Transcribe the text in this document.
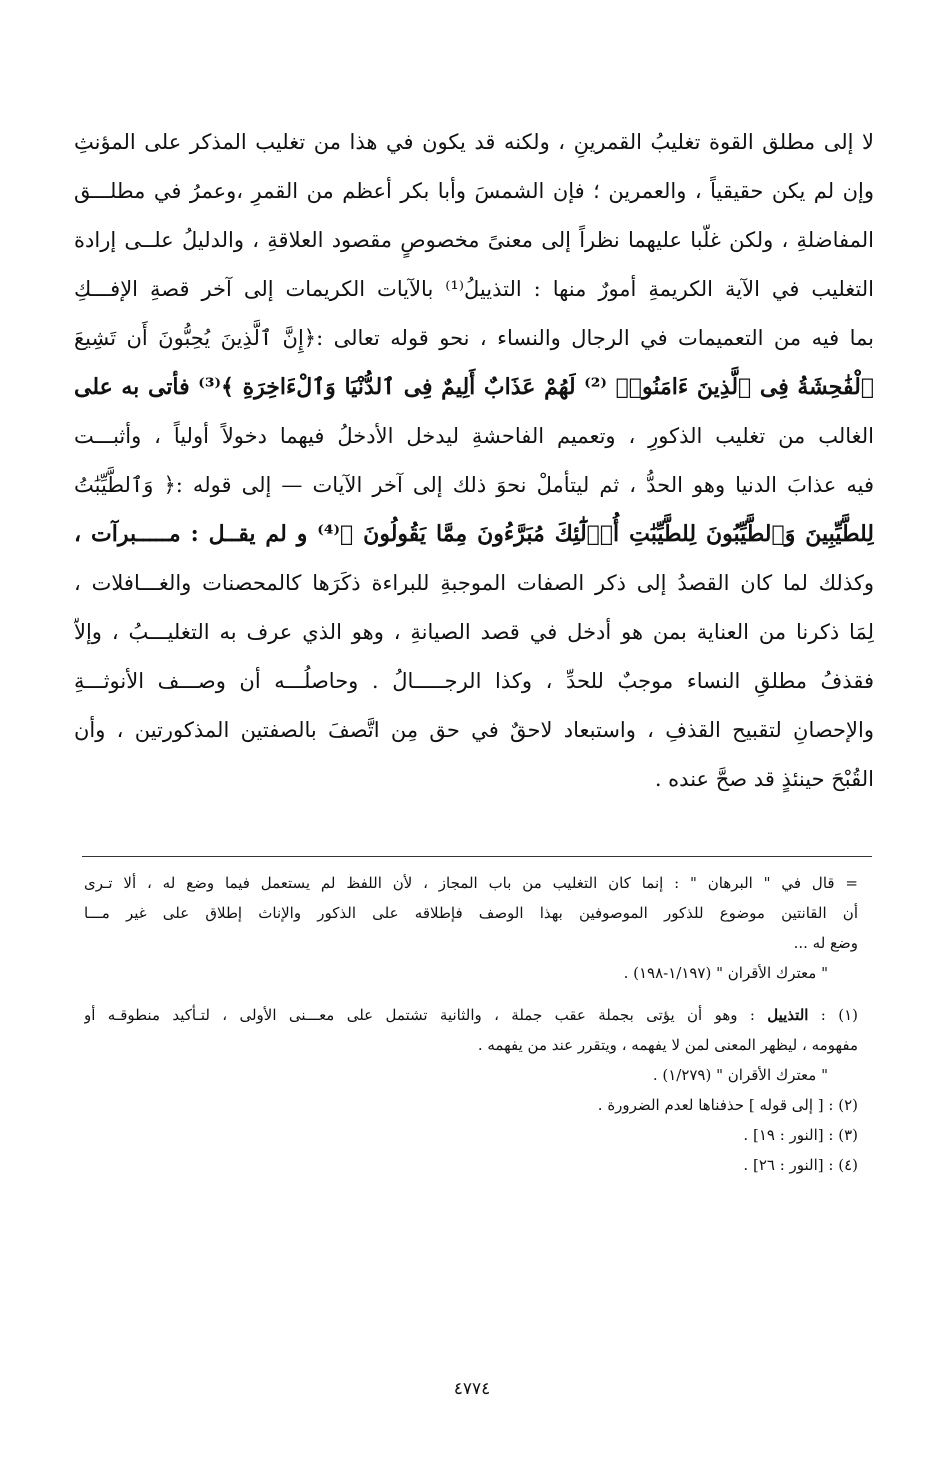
لا إلى مطلق القوة تغليبُ القمرينِ ، ولكنه قد يكون في هذا من تغليب المذكر على المؤنثِ
وإن لم يكن حقيقياً ، والعمرين ؛ فإن الشمسَ وأبا بكر أعظم من القمرِ ،وعمرُ في مطلـــق
المفاضلةِ ، ولكن غلّبا عليهما نظراً إلى معنىً مخصوصٍ مقصود العلاقةِ ، والدليلُ علــى إرادة
التغليب في الآية الكريمةِ أمورٌ منها : التذييلُ⁽¹⁾ بالآيات الكريمات إلى آخر قصةِ الإفـــكِ
بما فيه من التعميمات في الرجال والنساء ، نحو قوله تعالى :﴿إِنَّ ٱلَّذِينَ يُحِبُّونَ أَن تَشِيعَ
ٱلْفَٰحِشَةُ فِى ٱلَّذِينَ ءَامَنُوا۟ ⁽²⁾ لَهُمْ عَذَابٌ أَلِيمٌ فِى ٱلدُّنْيَا وَٱلْءَاخِرَةِ ﴾⁽³⁾ فأتى به على
الغالب من تغليب الذكورِ ، وتعميم الفاحشةِ ليدخل الأدخلُ فيهما دخولاً أولياً ، وأثبـــت
فيه عذابَ الدنيا وهو الحدُّ ، ثم ليتأملْ نحوَ ذلك إلى آخر الآيات — إلى قوله :﴿ وَٱلطَّيِّبَٰتُ
لِلطَّيِّبِينَ وَٱلطَّيِّبُونَ لِلطَّيِّبَٰتِ أُو۟لَٰٓئِكَ مُبَرَّءُونَ مِمَّا يَقُولُونَ ﴾⁽⁴⁾ و لم يقــل : مـــــبرآت ،
وكذلك لما كان القصدُ إلى ذكر الصفات الموجبةِ للبراءة ذكَرَها كالمحصنات والغـــافلات ،
لِمَا ذكرنا من العناية بمن هو أدخل في قصد الصيانةِ ، وهو الذي عرف به التغليـــبُ ، وإلاّ
فقذفُ مطلقِ النساء موجبٌ للحدِّ ، وكذا الرجـــــالُ . وحاصلُـــه أن وصـــف الأنوثـــةِ
والإحصانِ لتقبيح القذفِ ، واستبعاد لاحقٌ في حق مِن اتَّصفَ بالصفتين المذكورتين ، وأن
القُبْحَ حينئذٍ قد صحَّ عنده .
= قال في " البرهان " : إنما كان التغليب من باب المجاز ، لأن اللفظ لم يستعمل فيما وضع له ، ألا تـرى
أن القانتين موضوع للذكور الموصوفين بهذا الوصف فإطلاقه على الذكور والإناث إطلاق على غير مـــا
وضع له ...
" معترك الأقران " (١/١٩٧-١٩٨) .
(١) : التذييل : وهو أن يؤتى بجملة عقب جملة ، والثانية تشتمل على معـــنى الأولى ، لتـأكيد منطوقـه أو
مفهومه ، ليظهر المعنى لمن لا يفهمه ، ويتقرر عند من يفهمه .
" معترك الأقران " (١/٢٧٩) .
(٢) : [ إلى قوله ] حذفناها لعدم الضرورة .
(٣) : [النور : ١٩] .
(٤) : [النور : ٢٦] .
٤٧٧٤
